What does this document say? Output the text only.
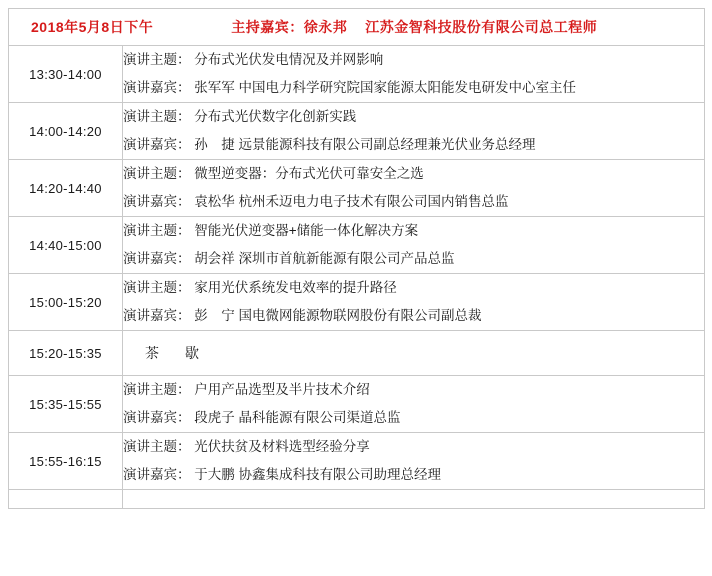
2018年5月8日下午 主持嘉宾：徐永邦 江苏金智科技股份有限公司总工程师	

13:30-14:00	演讲主题： 分布式光伏发电情况及并网影响
演讲嘉宾： 张军军 中国电力科学研究院国家能源太阳能发电研发中心室主任

14:00-14:20	演讲主题： 分布式光伏数字化创新实践
演讲嘉宾： 孙　捷 远景能源科技有限公司副总经理兼光伏业务总经理

14:20-14:40	演讲主题： 微型逆变器：分布式光伏可靠安全之选
演讲嘉宾： 袁松华 杭州禾迈电力电子技术有限公司国内销售总监

14:40-15:00	演讲主题： 智能光伏逆变器+储能一体化解决方案
演讲嘉宾： 胡会祥 深圳市首航新能源有限公司产品总监

15:00-15:20	演讲主题： 家用光伏系统发电效率的提升路径
演讲嘉宾： 彭　宁 国电微网能源物联网股份有限公司副总裁

15:20-15:35	茶　歇

15:35-15:55	演讲主题： 户用产品选型及半片技术介绍
演讲嘉宾： 段虎子 晶科能源有限公司渠道总监

15:55-16:15	演讲主题： 光伏扶贫及材料选型经验分享
演讲嘉宾： 于大鹏 协鑫集成科技有限公司助理总经理
